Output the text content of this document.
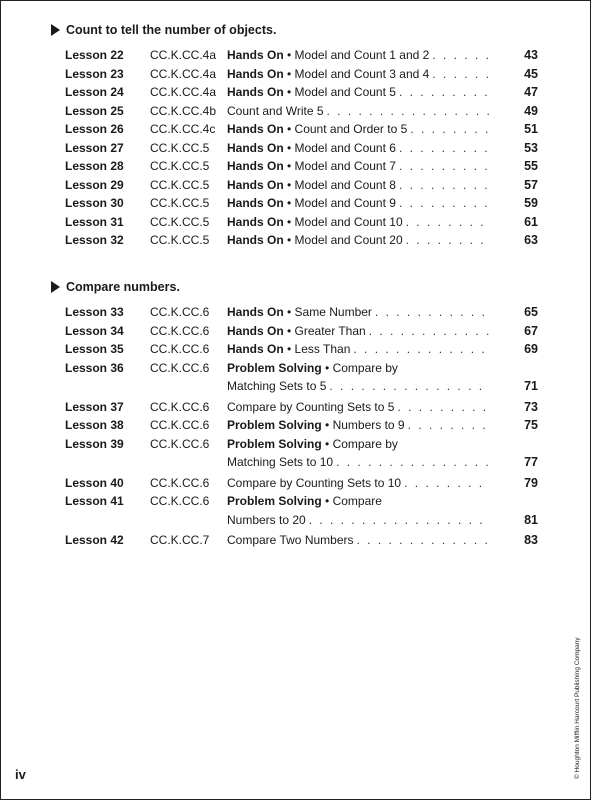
Count to tell the number of objects.
Lesson 22 CC.K.CC.4a Hands On • Model and Count 1 and 2 . . .	43
Lesson 23 CC.K.CC.4a Hands On • Model and Count 3 and 4 . . .	45
Lesson 24 CC.K.CC.4a Hands On • Model and Count 5 . . .	47
Lesson 25 CC.K.CC.4b Count and Write 5 . . .	49
Lesson 26 CC.K.CC.4c Hands On • Count and Order to 5 . . .	51
Lesson 27 CC.K.CC.5 Hands On • Model and Count 6 . . .	53
Lesson 28 CC.K.CC.5 Hands On • Model and Count 7 . . .	55
Lesson 29 CC.K.CC.5 Hands On • Model and Count 8 . . .	57
Lesson 30 CC.K.CC.5 Hands On • Model and Count 9 . . .	59
Lesson 31 CC.K.CC.5 Hands On • Model and Count 10 . . .	61
Lesson 32 CC.K.CC.5 Hands On • Model and Count 20 . . .	63
Compare numbers.
Lesson 33 CC.K.CC.6 Hands On • Same Number . . .	65
Lesson 34 CC.K.CC.6 Hands On • Greater Than . . .	67
Lesson 35 CC.K.CC.6 Hands On • Less Than . . .	69
Lesson 36 CC.K.CC.6 Problem Solving • Compare by
Matching Sets to 5 . . .	71
Lesson 37 CC.K.CC.6 Compare by Counting Sets to 5 . . .	73
Lesson 38 CC.K.CC.6 Problem Solving • Numbers to 9 . . .	75
Lesson 39 CC.K.CC.6 Problem Solving • Compare by
Matching Sets to 10 . . .	77
Lesson 40 CC.K.CC.6 Compare by Counting Sets to 10 . . .	79
Lesson 41 CC.K.CC.6 Problem Solving • Compare
Numbers to 20 . . .	81
Lesson 42 CC.K.CC.7 Compare Two Numbers . . .	83
© Houghton Mifflin Harcourt Publishing Company
iv
